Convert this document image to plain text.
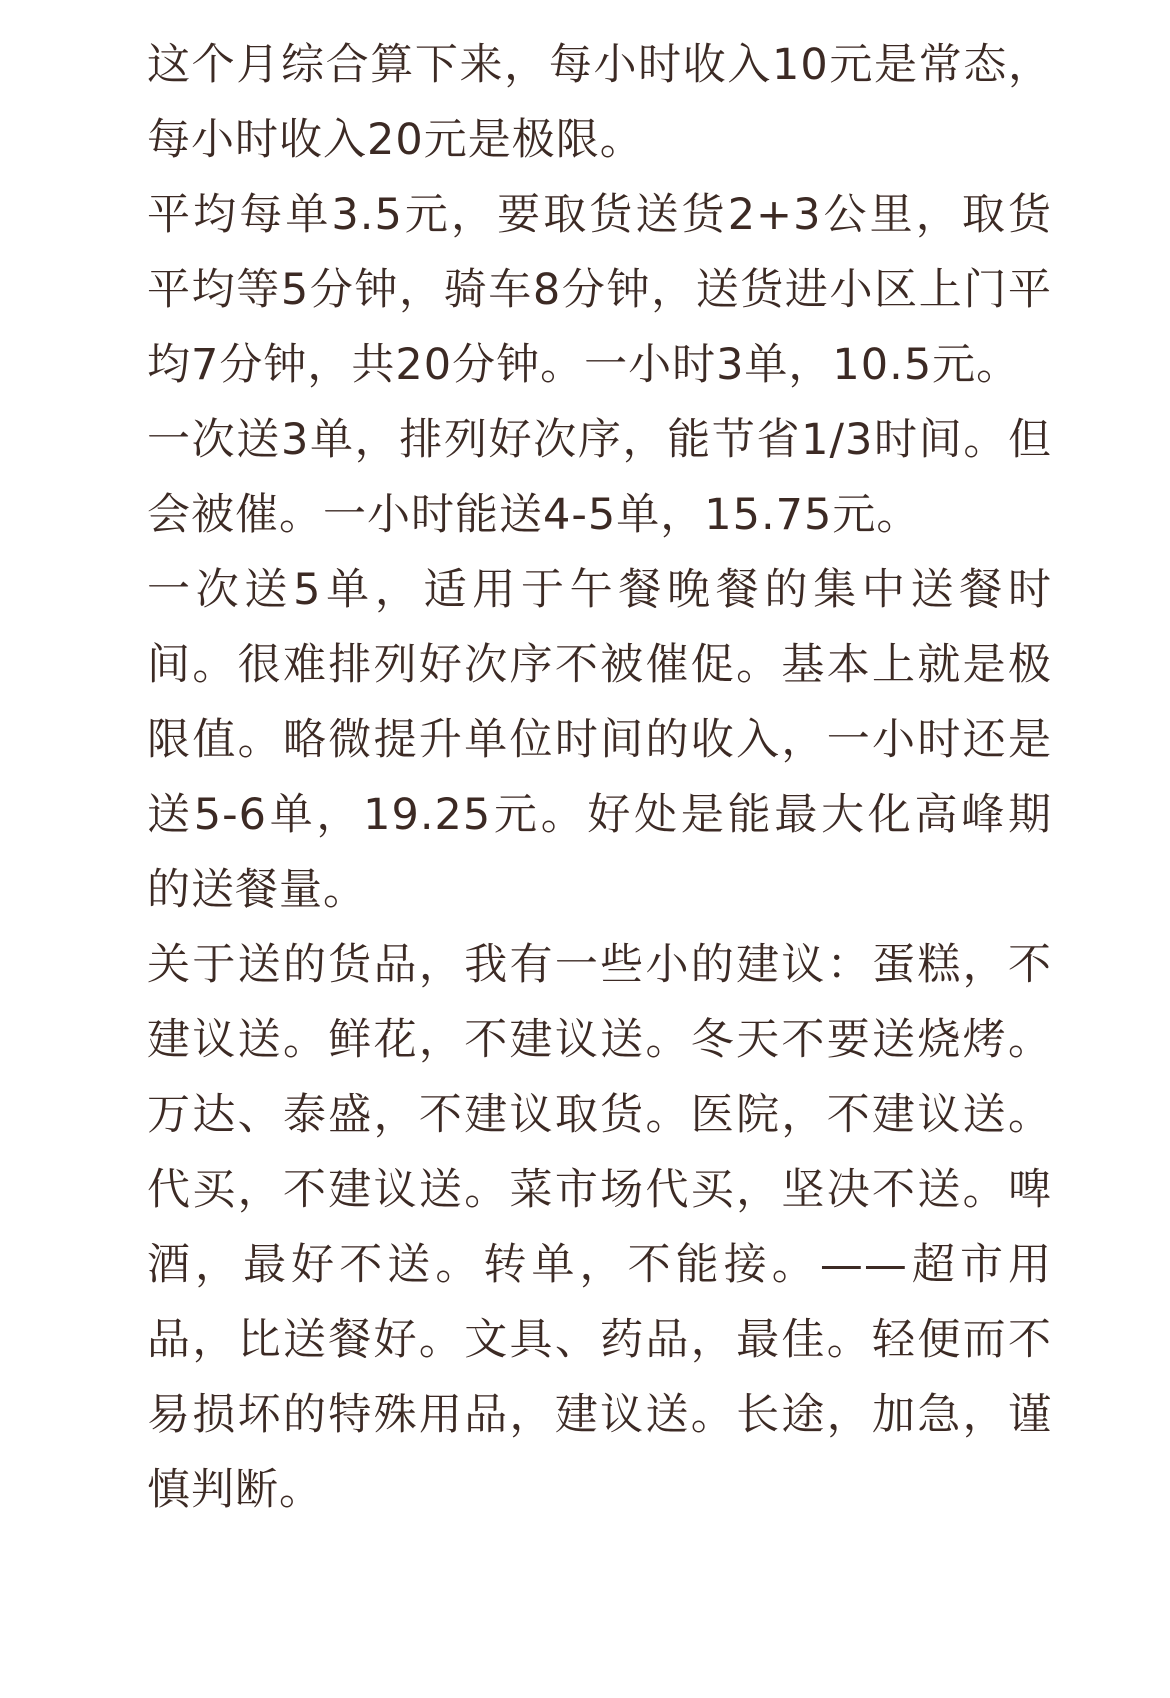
这个月综合算下来，每小时收入10元是常态，每小时收入20元是极限。

平均每单3.5元，要取货送货2+3公里，取货平均等5分钟，骑车8分钟，送货进小区上门平均7分钟，共20分钟。一小时3单，10.5元。

一次送3单，排列好次序，能节省1/3时间。但会被催。一小时能送4-5单，15.75元。

一次送5单，适用于午餐晚餐的集中送餐时间。很难排列好次序不被催促。基本上就是极限值。略微提升单位时间的收入，一小时还是送5-6单，19.25元。好处是能最大化高峰期的送餐量。

关于送的货品，我有一些小的建议：蛋糕，不建议送。鲜花，不建议送。冬天不要送烧烤。万达、泰盛，不建议取货。医院，不建议送。代买，不建议送。菜市场代买，坚决不送。啤酒，最好不送。转单，不能接。——超市用品，比送餐好。文具、药品，最佳。轻便而不易损坏的特殊用品，建议送。长途，加急，谨慎判断。
